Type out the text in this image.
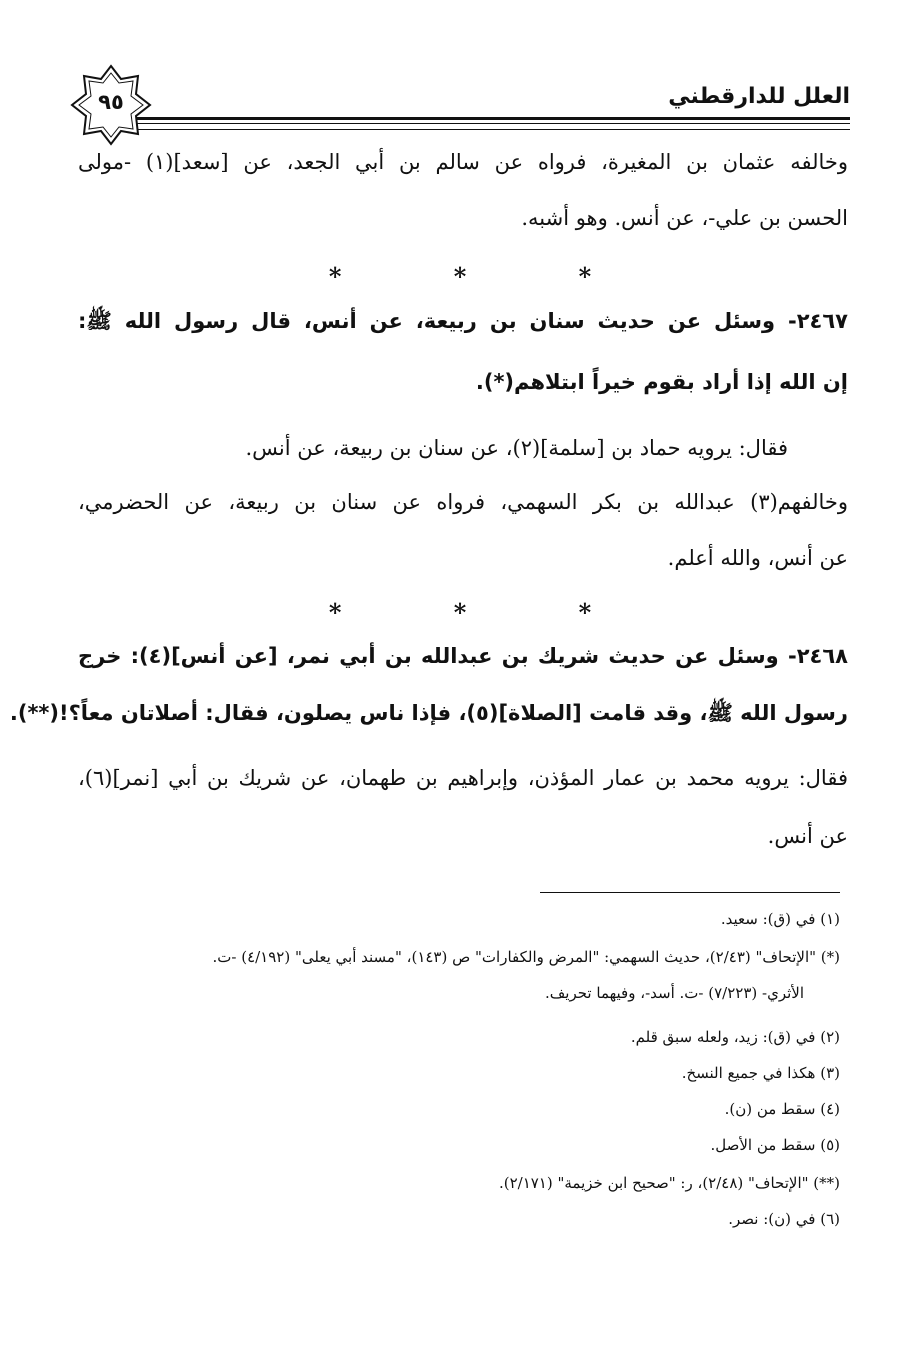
العلل للدارقطني
٩٥
وخالفه عثمان بن المغيرة، فرواه عن سالم بن أبي الجعد، عن [سعد](١) -مولى
الحسن بن علي-، عن أنس. وهو أشبه.
* * *
٢٤٦٧- وسئل عن حديث سنان بن ربيعة، عن أنس، قال رسول الله ﷺ:
إن الله إذا أراد بقوم خيراً ابتلاهم(*).
فقال: يرويه حماد بن [سلمة](٢)، عن سنان بن ربيعة، عن أنس.
وخالفهم(٣) عبدالله بن بكر السهمي، فرواه عن سنان بن ربيعة، عن الحضرمي،
عن أنس، والله أعلم.
* * *
٢٤٦٨- وسئل عن حديث شريك بن عبدالله بن أبي نمر، [عن أنس](٤): خرج
رسول الله ﷺ، وقد قامت [الصلاة](٥)، فإذا ناس يصلون، فقال: أصلاتان معاً؟!(**).
فقال: يرويه محمد بن عمار المؤذن، وإبراهيم بن طهمان، عن شريك بن أبي [نمر](٦)،
عن أنس.
(١) في (ق): سعيد.
(*) "الإتحاف" (٢/٤٣)، حديث السهمي: "المرض والكفارات" ص (١٤٣)، "مسند أبي يعلى" (٤/١٩٢) -ت.
الأثري- (٧/٢٢٣) -ت. أسد-، وفيهما تحريف.
(٢) في (ق): زيد، ولعله سبق قلم.
(٣) هكذا في جميع النسخ.
(٤) سقط من (ن).
(٥) سقط من الأصل.
(**) "الإتحاف" (٢/٤٨)، ر: "صحيح ابن خزيمة" (٢/١٧١).
(٦) في (ن): نصر.
